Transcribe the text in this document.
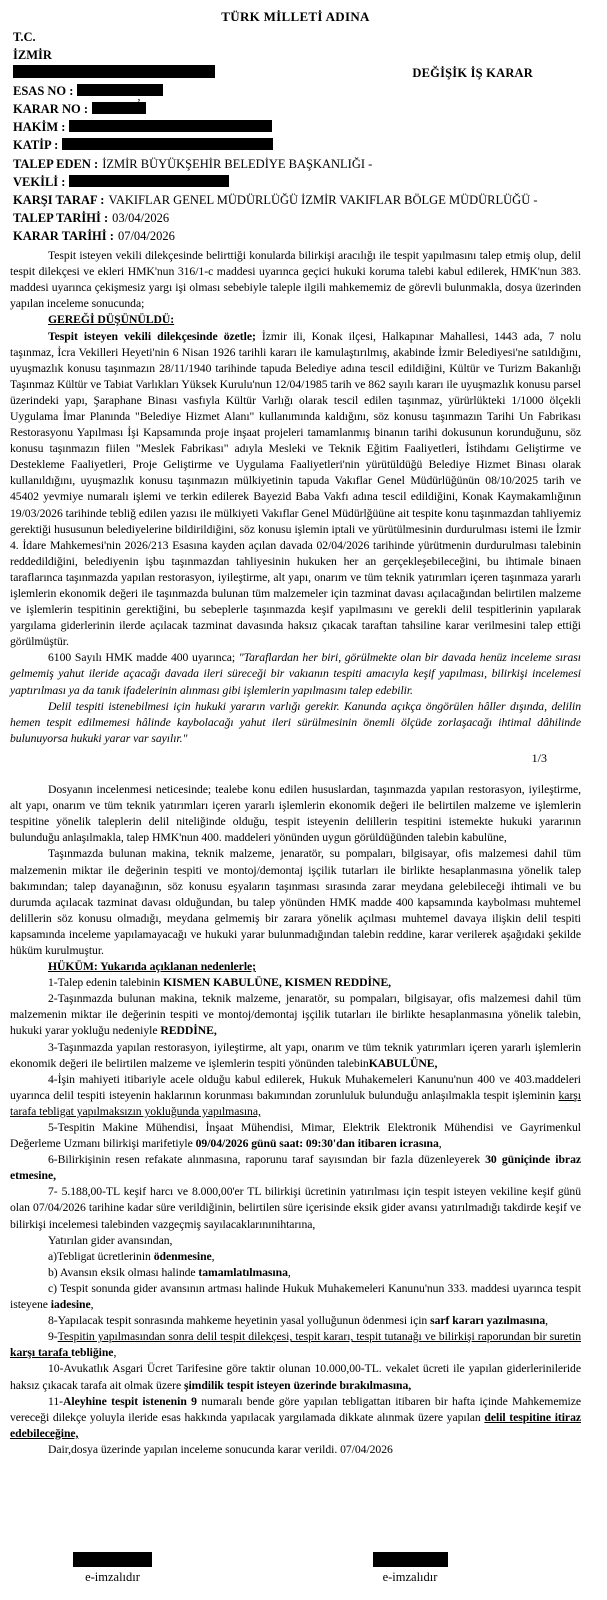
TÜRK MİLLETİ ADINA
T.C.
İZMİR
'	DEĞİŞİK İŞ KARAR
ESAS NO :	,
KARAR NO :
HAKİM :
KATİP :
TALEP EDEN : İZMİR BÜYÜKŞEHİR BELEDİYE BAŞKANLIĞI -
VEKİLİ :
KARŞI TARAF : VAKIFLAR GENEL MÜDÜRLÜĞÜ İZMİR VAKIFLAR BÖLGE MÜDÜRLÜĞÜ -
TALEP TARİHİ : 03/04/2026
KARAR TARİHİ : 07/04/2026

Tespit isteyen vekili dilekçesinde belirttiği konularda bilirkişi aracılığı ile tespit yapılmasını talep etmiş olup, delil tespit dilekçesi ve ekleri HMK'nun 316/1-c maddesi uyarınca geçici hukuki koruma talebi kabul edilerek, HMK'nun 383. maddesi uyarınca çekişmesiz yargı işi olması sebebiyle taleple ilgili mahkememiz de görevli bulunmakla, dosya üzerinden yapılan inceleme sonucunda;

GEREĞİ DÜŞÜNÜLDÜ:

Tespit isteyen vekili dilekçesinde özetle; İzmir ili, Konak ilçesi, Halkapınar Mahallesi, 1443 ada, 7 nolu taşınmaz, İcra Vekilleri Heyeti'nin 6 Nisan 1926 tarihli kararı ile kamulaştırılmış, akabinde İzmir Belediyesi'ne satıldığını, uyuşmazlık konusu taşınmazın 28/11/1940 tarihinde tapuda Belediye adına tescil edildiğini, Kültür ve Turizm Bakanlığı Taşınmaz Kültür ve Tabiat Varlıkları Yüksek Kurulu'nun 12/04/1985 tarih ve 862 sayılı kararı ile uyuşmazlık konusu parsel üzerindeki yapı, Şaraphane Binası vasfıyla Kültür Varlığı olarak tescil edilen taşınmaz, yürürlükteki 1/1000 ölçekli Uygulama İmar Planında "Belediye Hizmet Alanı" kullanımında kaldığını, söz konusu taşınmazın Tarihi Un Fabrikası Restorasyonu Yapılması İşi Kapsamında proje inşaat projeleri tamamlanmış binanın tarihi dokusunun korunduğunu, söz konusu taşınmazın fiilen "Meslek Fabrikası" adıyla Mesleki ve Teknik Eğitim Faaliyetleri, İstihdamı Geliştirme ve Destekleme Faaliyetleri, Proje Geliştirme ve Uygulama Faaliyetleri'nin yürütüldüğü Belediye Hizmet Binası olarak kullanıldığını, uyuşmazlık konusu taşınmazın mülkiyetinin tapuda Vakıflar Genel Müdürlüğünün 08/10/2025 tarih ve 45402 yevmiye numaralı işlemi ve terkin edilerek Bayezid Baba Vakfı adına tescil edildiğini, Konak Kaymakamlığının 19/03/2026 tarihinde tebliğ edilen yazısı ile mülkiyeti Vakıflar Genel Müdürlğüüne ait tespite konu taşınmazdan tahliyemiz gerektiği hususunun belediyelerine bildirildiğini, söz konusu işlemin iptali ve yürütülmesinin durdurulması istemi ile İzmir 4. İdare Mahkemesi'nin 2026/213 Esasına kayden açılan davada 02/04/2026 tarihinde yürütmenin durdurulması talebinin reddedildiğini, belediyenin işbu taşınmazdan tahliyesinin hukuken her an gerçekleşebileceğini, bu ihtimale binaen taraflarınca taşınmazda yapılan restorasyon, iyileştirme, alt yapı, onarım ve tüm teknik yatırımları içeren taşınmaza yararlı işlemlerin ekonomik değeri ile taşınmazda bulunan tüm malzemeler için tazminat davası açılacağından belirtilen malzeme ve işlemlerin tespitinin gerektiğini, bu sebeplerle taşınmazda keşif yapılmasını ve gerekli delil tespitlerinin yapılarak yargılama giderlerinin ilerde açılacak tazminat davasında haksız çıkacak taraftan tahsiline karar verilmesini talep ettiği görülmüştür.

6100 Sayılı HMK madde 400 uyarınca; "Taraflardan her biri, görülmekte olan bir davada henüz inceleme sırası gelmemiş yahut ileride açacağı davada ileri süreceği bir vakıanın tespiti amacıyla keşif yapılması, bilirkişi incelemesi yaptırılması ya da tanık ifadelerinin alınması gibi işlemlerin yapılmasını talep edebilir.

Delil tespiti istenebilmesi için hukuki yararın varlığı gerekir. Kanunda açıkça öngörülen hâller dışında, delilin hemen tespit edilmemesi hâlinde kaybolacağı yahut ileri sürülmesinin önemli ölçüde zorlaşacağı ihtimal dâhilinde bulunuyorsa hukuki yarar var sayılır."

1/3

Dosyanın incelenmesi neticesinde; tealebe konu edilen hususlardan, taşınmazda yapılan restorasyon, iyileştirme, alt yapı, onarım ve tüm teknik yatırımları içeren yararlı işlemlerin ekonomik değeri ile belirtilen malzeme ve işlemlerin tespitine yönelik taleplerin delil niteliğinde olduğu, tespit isteyenin delillerin tespitini istemekte hukuki yararının bulunduğu anlaşılmakla, talep HMK'nun 400. maddeleri yönünden uygun görüldüğünden talebin kabulüne,

Taşınmazda bulunan makina, teknik malzeme, jenaratör, su pompaları, bilgisayar, ofis malzemesi dahil tüm malzemenin miktar ile değerinin tespiti ve montoj/demontaj işçilik tutarları ile birlikte hesaplanmasına yönelik talep bakımından; talep dayanağının, söz konusu eşyaların taşınması sırasında zarar meydana gelebileceği ihtimali ve bu durumda açılacak tazminat davası olduğundan, bu talep yönünden HMK madde 400 kapsamında kaybolması muhtemel delillerin söz konusu olmadığı, meydana gelmemiş bir zarara yönelik açılması muhtemel davaya ilişkin delil tespiti kapsamında inceleme yapılamayacağı ve hukuki yarar bulunmadığından talebin reddine, karar verilerek aşağıdaki şekilde hüküm kurulmuştur.

HÜKÜM: Yukarıda açıklanan nedenlerle;

1-Talep edenin talebinin KISMEN KABULÜNE, KISMEN REDDİNE,

2-Taşınmazda bulunan makina, teknik malzeme, jenaratör, su pompaları, bilgisayar, ofis malzemesi dahil tüm malzemenin miktar ile değerinin tespiti ve montoj/demontaj işçilik tutarları ile birlikte hesaplanmasına yönelik talebin, hukuki yarar yokluğu nedeniyle REDDİNE,

3-Taşınmazda yapılan restorasyon, iyileştirme, alt yapı, onarım ve tüm teknik yatırımları içeren yararlı işlemlerin ekonomik değeri ile belirtilen malzeme ve işlemlerin tespiti yönünden talebinKABULÜNE,

4-İşin mahiyeti itibariyle acele olduğu kabul edilerek, Hukuk Muhakemeleri Kanunu'nun 400 ve 403.maddeleri uyarınca delil tespiti isteyenin haklarının korunması bakımından zorunluluk bulunduğu anlaşılmakla tespit işleminin karşı tarafa tebligat yapılmaksızın yokluğunda yapılmasına,

5-Tespitin Makine Mühendisi, İnşaat Mühendisi, Mimar, Elektrik Elektronik Mühendisi ve Gayrimenkul Değerleme Uzmanı bilirkişi marifetiyle 09/04/2026 günü saat: 09:30'dan itibaren icrasına,

6-Bilirkişinin resen refakate alınmasına, raporunu taraf sayısından bir fazla düzenleyerek 30 güniçinde ibraz etmesine,

7- 5.188,00-TL keşif harcı ve 8.000,00'er TL bilirkişi ücretinin yatırılması için tespit isteyen vekiline keşif günü olan 07/04/2026 tarihine kadar süre verildiğinin, belirtilen süre içerisinde eksik gider avansı yatırılmadığı takdirde keşif ve bilirkişi incelemesi talebinden vazgeçmiş sayılacaklarınınihtarına,

Yatırılan gider avansından,

a)Tebligat ücretlerinin ödenmesine,

b) Avansın eksik olması halinde tamamlatılmasına,

c) Tespit sonunda gider avansının artması halinde Hukuk Muhakemeleri Kanunu'nun 333. maddesi uyarınca tespit isteyene iadesine,

8-Yapılacak tespit sonrasında mahkeme heyetinin yasal yolluğunun ödenmesi için sarf kararı yazılmasına,

9-Tespitin yapılmasından sonra delil tespit dilekçesi, tespit kararı, tespit tutanağı ve bilirkişi raporundan bir suretin karşı tarafa tebliğine,

10-Avukatlık Asgari Ücret Tarifesine göre taktir olunan 10.000,00-TL. vekalet ücreti ile yapılan giderlerinileride haksız çıkacak tarafa ait olmak üzere şimdilik tespit isteyen üzerinde bırakılmasına,

11-Aleyhine tespit istenenin 9 numaralı bende göre yapılan tebligattan itibaren bir hafta içinde Mahkememize vereceği dilekçe yoluyla ileride esas hakkında yapılacak yargılamada dikkate alınmak üzere yapılan delil tespitine itiraz edebileceğine,

Dair,dosya üzerinde yapılan inceleme sonucunda karar verildi. 07/04/2026

e-imzalıdır	e-imzalıdır
